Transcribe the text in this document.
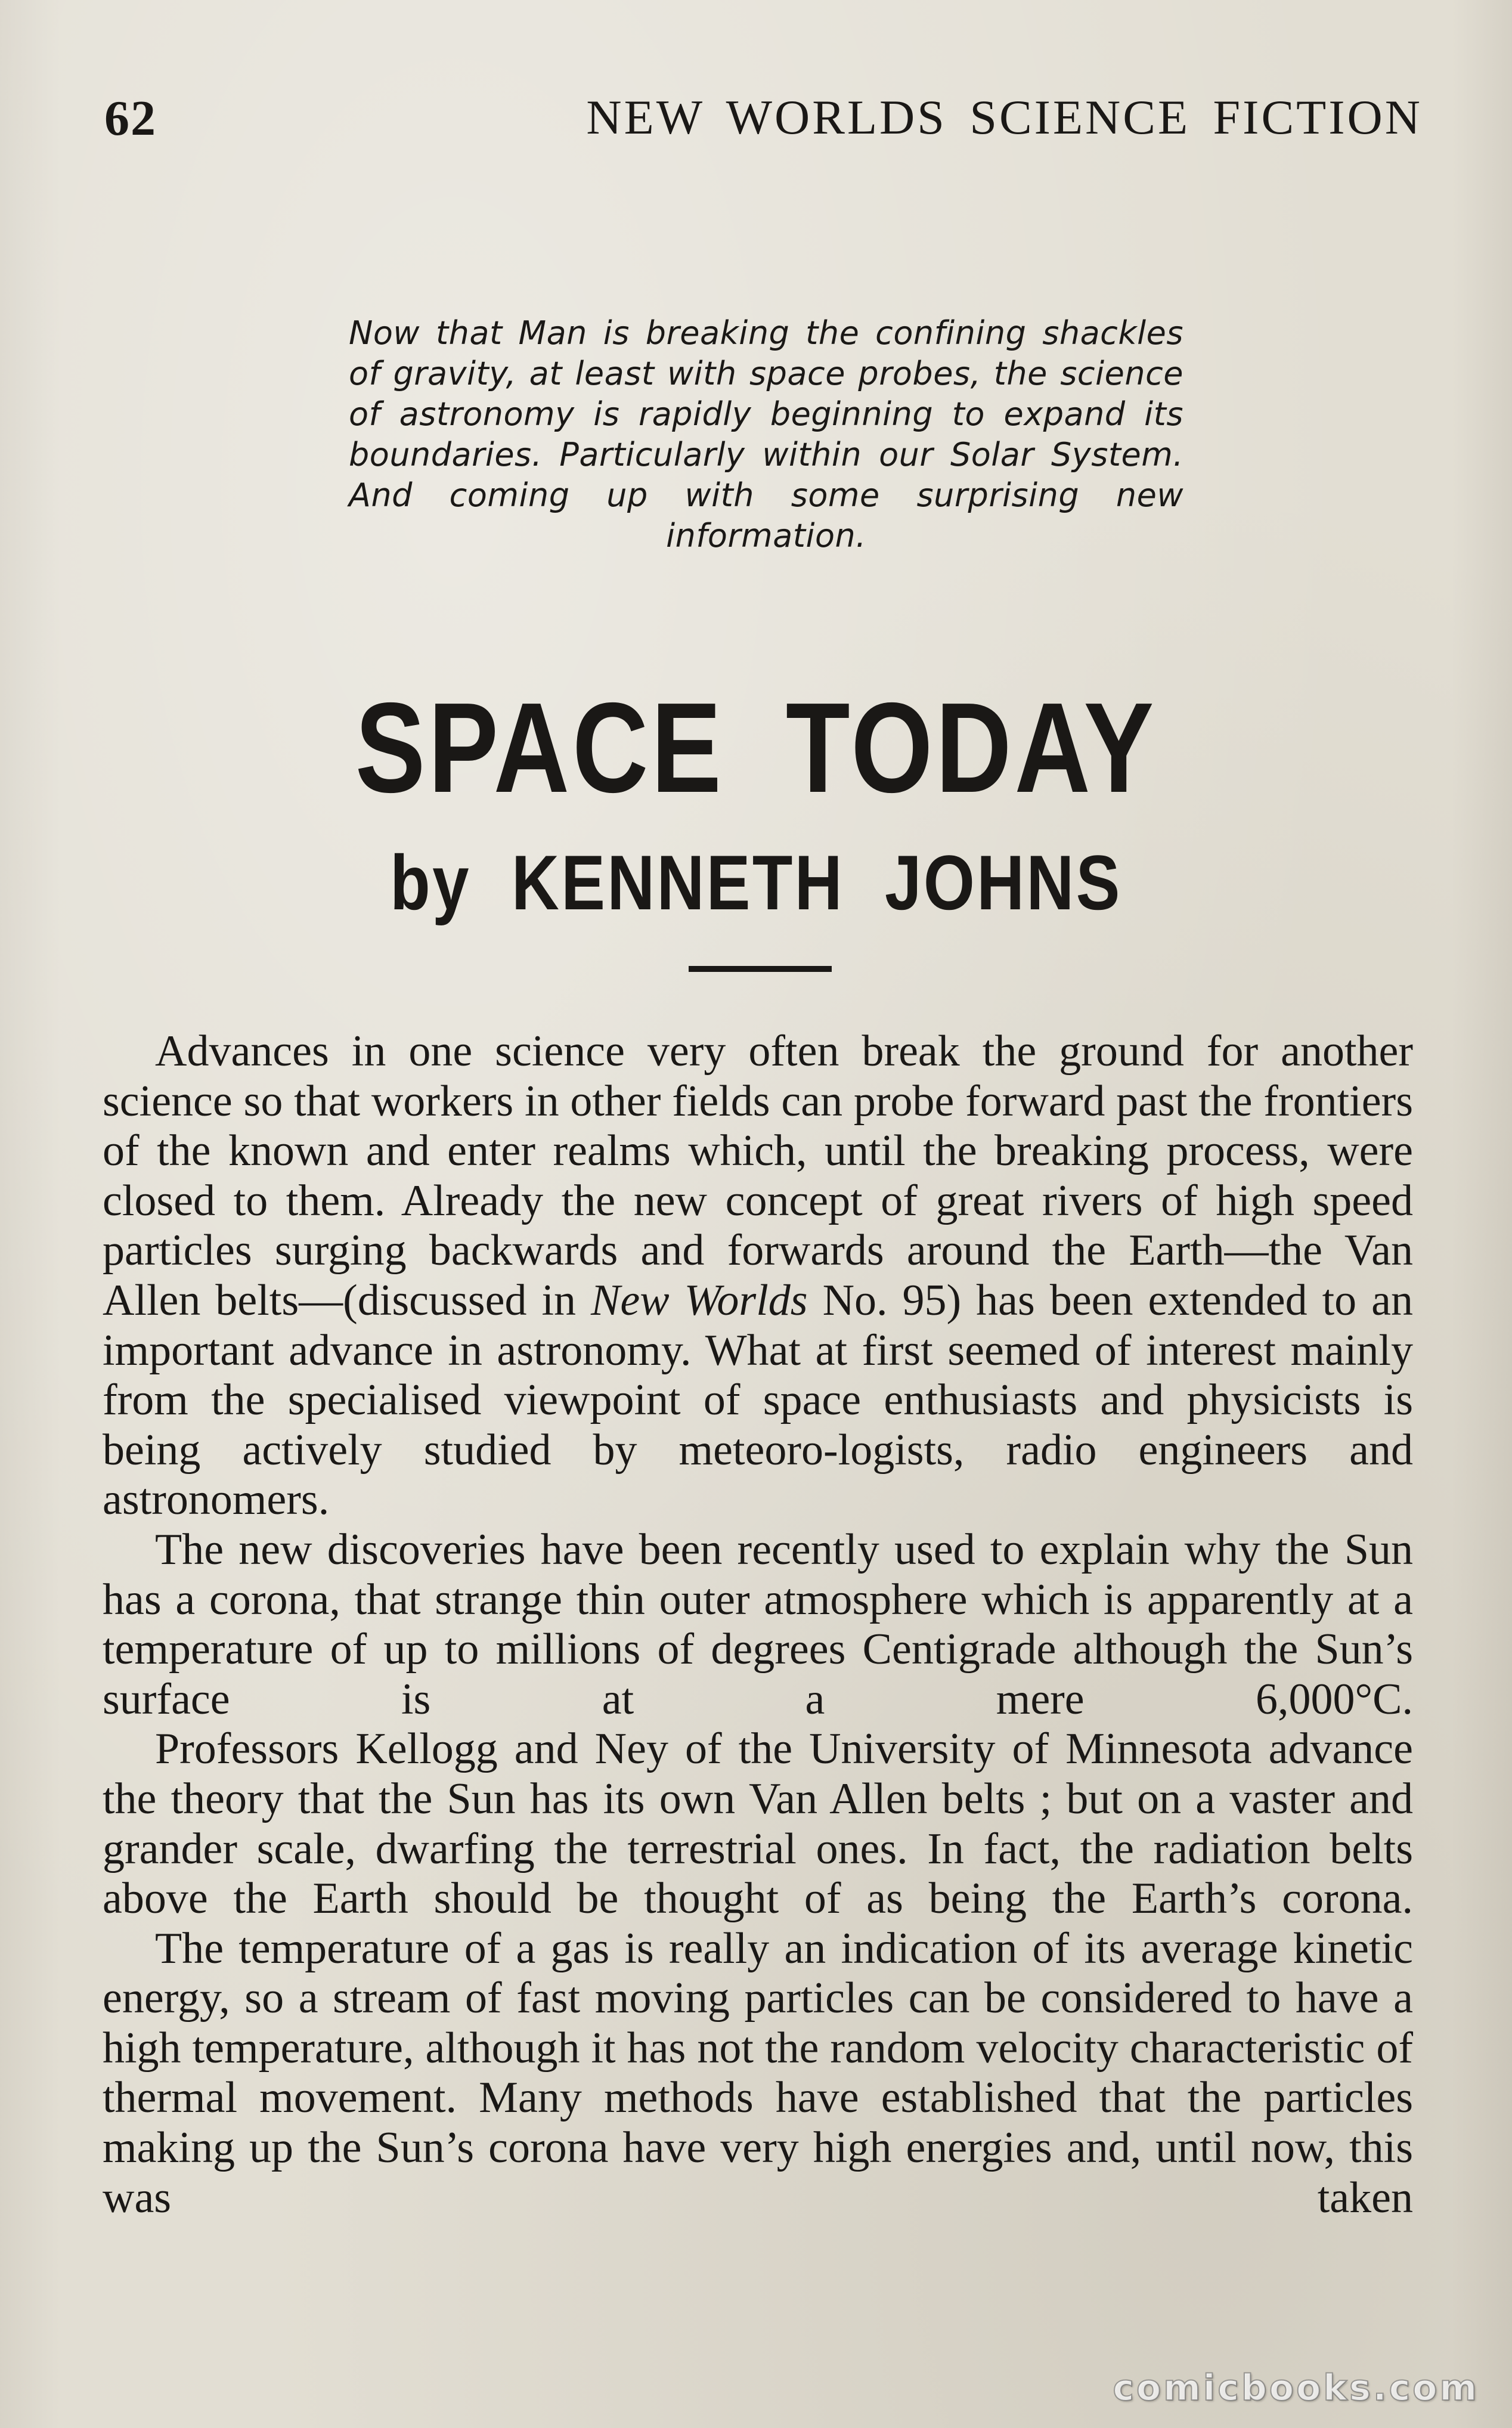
62	NEW WORLDS SCIENCE FICTION
Now that Man is breaking the confining shackles of gravity, at least with space probes, the science of astronomy is rapidly beginning to expand its boundaries. Particularly within our Solar System. And coming up with some surprising new information.
SPACE TODAY
by KENNETH JOHNS

Advances in one science very often break the ground for another science so that workers in other fields can probe forward past the frontiers of the known and enter realms which, until the breaking process, were closed to them. Already the new concept of great rivers of high speed particles surging backwards and forwards around the Earth—the Van Allen belts—(discussed in New Worlds No. 95) has been extended to an important advance in astronomy. What at first seemed of interest mainly from the specialised viewpoint of space enthusiasts and physicists is being actively studied by meteoro-logists, radio engineers and astronomers.

The new discoveries have been recently used to explain why the Sun has a corona, that strange thin outer atmosphere which is apparently at a temperature of up to millions of degrees Centigrade although the Sun’s surface is at a mere 6,000°C.

Professors Kellogg and Ney of the University of Minnesota advance the theory that the Sun has its own Van Allen belts ; but on a vaster and grander scale, dwarfing the terrestrial ones. In fact, the radiation belts above the Earth should be thought of as being the Earth’s corona.

The temperature of a gas is really an indication of its average kinetic energy, so a stream of fast moving particles can be considered to have a high temperature, although it has not the random velocity characteristic of thermal movement. Many methods have established that the particles making up the Sun’s corona have very high energies and, until now, this was taken

comicbooks.com
